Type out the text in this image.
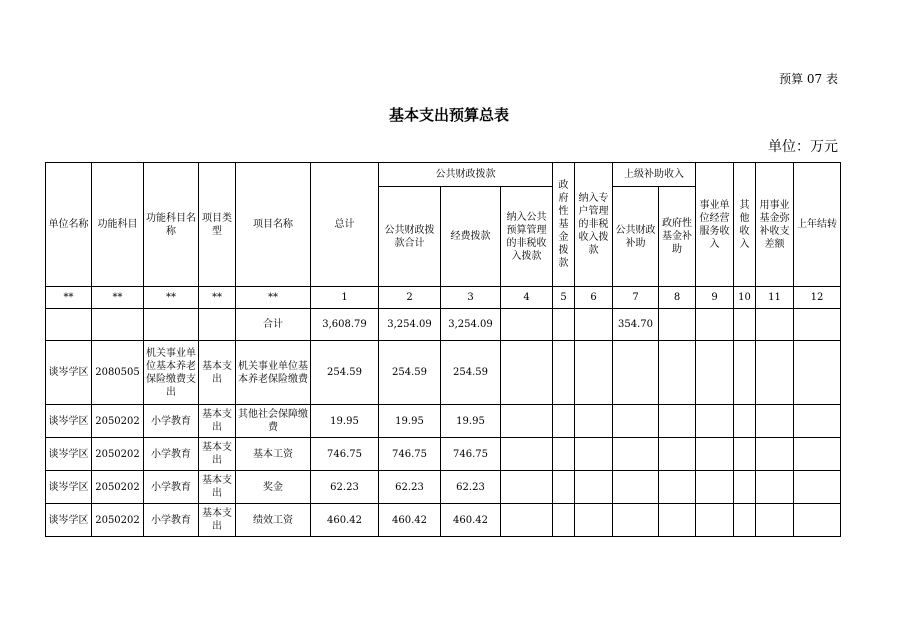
预算 07 表
基本支出预算总表
单位：万元
单位名称	功能科目	功能科目名称	项目类型	项目名称	总计	公共财政拨款			政府性基金拨款	纳入专户管理的非税收入拨款	上级补助收入		事业单位经营服务收入	其他收入	用事业基金弥补收支差额	上年结转
						公共财政拨款合计	经费拨款	纳入公共预算管理的非税收入拨款			公共财政补助	政府性基金补助				
**	**	**	**	**	1	2	3	4	5	6	7	8	9	10	11	12
				合计	3,608.79	3,254.09	3,254.09				354.70					
谈岑学区	2080505	机关事业单位基本养老保险缴费支出	基本支出	机关事业单位基本养老保险缴费	254.59	254.59	254.59									
谈岑学区	2050202	小学教育	基本支出	其他社会保障缴费	19.95	19.95	19.95									
谈岑学区	2050202	小学教育	基本支出	基本工资	746.75	746.75	746.75									
谈岑学区	2050202	小学教育	基本支出	奖金	62.23	62.23	62.23									
谈岑学区	2050202	小学教育	基本支出	绩效工资	460.42	460.42	460.42									
